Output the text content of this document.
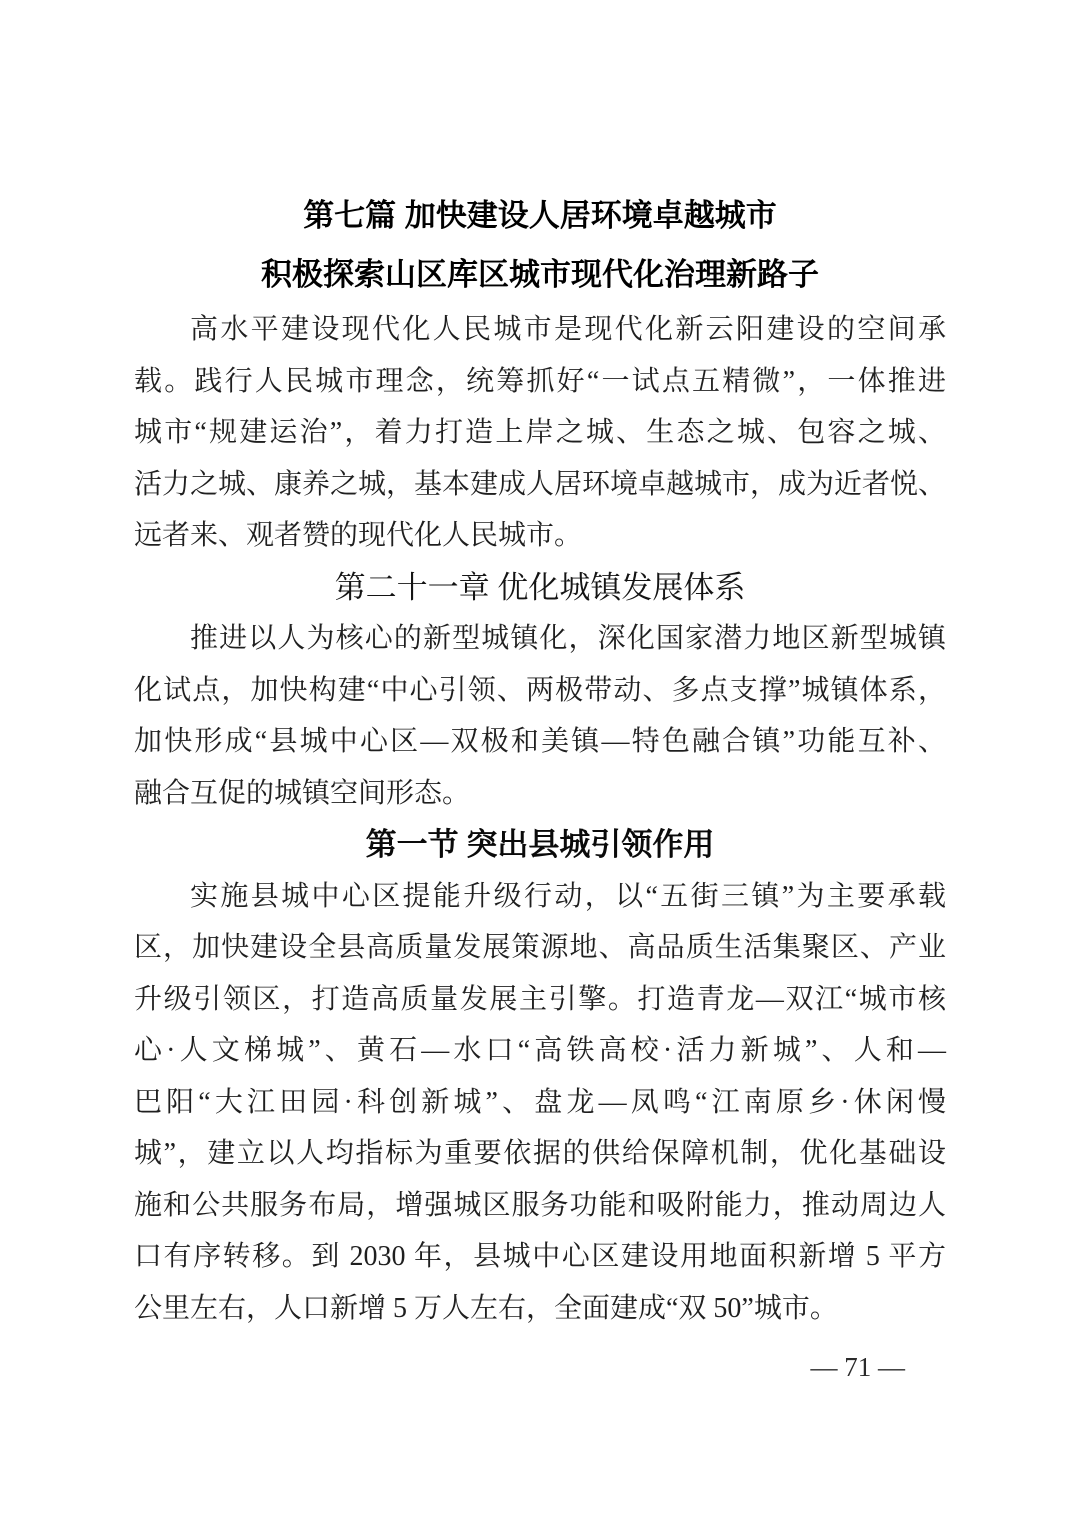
第七篇 加快建设人居环境卓越城市
积极探索山区库区城市现代化治理新路子

高水平建设现代化人民城市是现代化新云阳建设的空间承
载。践行人民城市理念，统筹抓好“一试点五精微”，一体推进
城市“规建运治”，着力打造上岸之城、生态之城、包容之城、
活力之城、康养之城，基本建成人居环境卓越城市，成为近者悦、
远者来、观者赞的现代化人民城市。

第二十一章 优化城镇发展体系

推进以人为核心的新型城镇化，深化国家潜力地区新型城镇
化试点，加快构建“中心引领、两极带动、多点支撑”城镇体系，
加快形成“县城中心区—双极和美镇—特色融合镇”功能互补、
融合互促的城镇空间形态。

第一节 突出县城引领作用

实施县城中心区提能升级行动，以“五街三镇”为主要承载
区，加快建设全县高质量发展策源地、高品质生活集聚区、产业
升级引领区，打造高质量发展主引擎。打造青龙—双江“城市核
心·人文梯城”、黄石—水口“高铁高校·活力新城”、人和—
巴阳“大江田园·科创新城”、盘龙—凤鸣“江南原乡·休闲慢
城”，建立以人均指标为重要依据的供给保障机制，优化基础设
施和公共服务布局，增强城区服务功能和吸附能力，推动周边人
口有序转移。到 2030 年，县城中心区建设用地面积新增 5 平方
公里左右，人口新增 5 万人左右，全面建成“双 50”城市。

— 71 —
